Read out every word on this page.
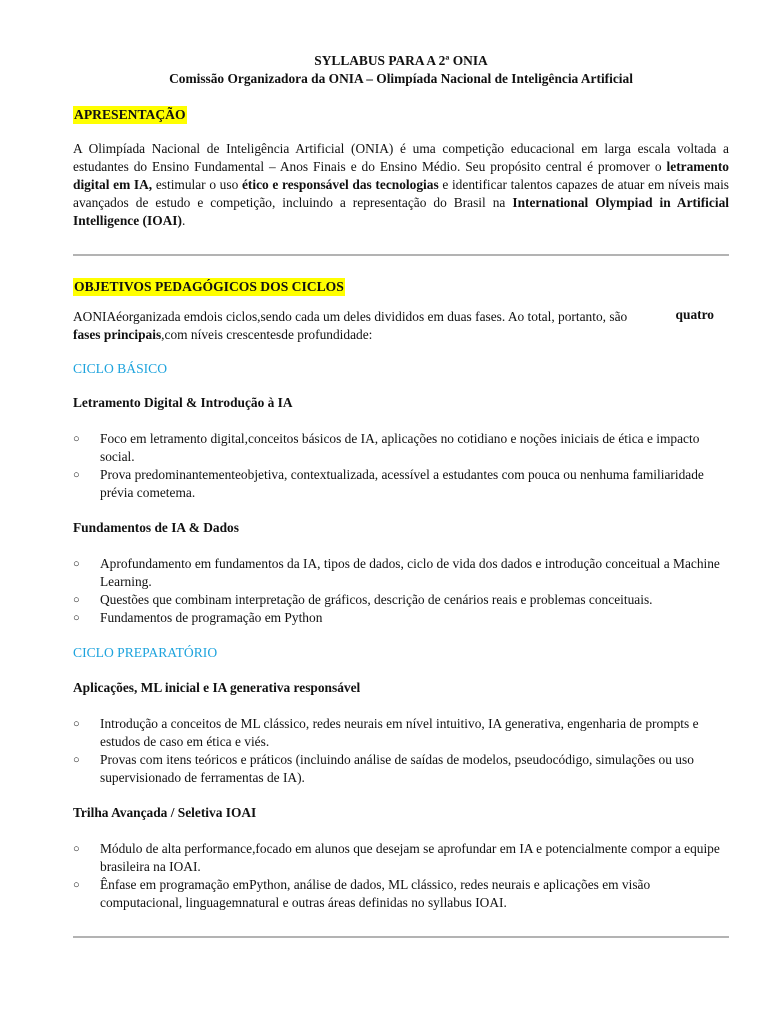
SYLLABUS PARA A 2ª ONIA
Comissão Organizadora da ONIA – Olimpíada Nacional de Inteligência Artificial
APRESENTAÇÃO

A Olimpíada Nacional de Inteligência Artificial (ONIA) é uma competição educacional em larga escala voltada a estudantes do Ensino Fundamental – Anos Finais e do Ensino Médio. Seu propósito central é promover o letramento digital em IA, estimular o uso ético e responsável das tecnologias e identificar talentos capazes de atuar em níveis mais avançados de estudo e competição, incluindo a representação do Brasil na International Olympiad in Artificial Intelligence (IOAI).

OBJETIVOS PEDAGÓGICOS DOS CICLOS

AONIAéorganizada emdois ciclos,sendo cada um deles divididos em duas fases. Ao total, portanto, são	quatro

fases principais,com níveis crescentesde profundidade:

CICLO BÁSICO
Letramento Digital & Introdução à IA
○ Foco em letramento digital,conceitos básicos de IA, aplicações no cotidiano e noções iniciais de ética e impacto social.
○ Prova predominantementeobjetiva, contextualizada, acessível a estudantes com pouca ou nenhuma familiaridade prévia cometema.
Fundamentos de IA & Dados
○ Aprofundamento em fundamentos da IA, tipos de dados, ciclo de vida dos dados e introdução conceitual a Machine Learning.
○ Questões que combinam interpretação de gráficos, descrição de cenários reais e problemas conceituais.
○ Fundamentos de programação em Python
CICLO PREPARATÓRIO
Aplicações, ML inicial e IA generativa responsável
○ Introdução a conceitos de ML clássico, redes neurais em nível intuitivo, IA generativa, engenharia de prompts e estudos de caso em ética e viés.
○ Provas com itens teóricos e práticos (incluindo análise de saídas de modelos, pseudocódigo, simulações ou uso supervisionado de ferramentas de IA).
Trilha Avançada / Seletiva IOAI
○ Módulo de alta performance,focado em alunos que desejam se aprofundar em IA e potencialmente compor a equipe brasileira na IOAI.
○ Ênfase em programação emPython, análise de dados, ML clássico, redes neurais e aplicações em visão computacional, linguagemnatural e outras áreas definidas no syllabus IOAI.
